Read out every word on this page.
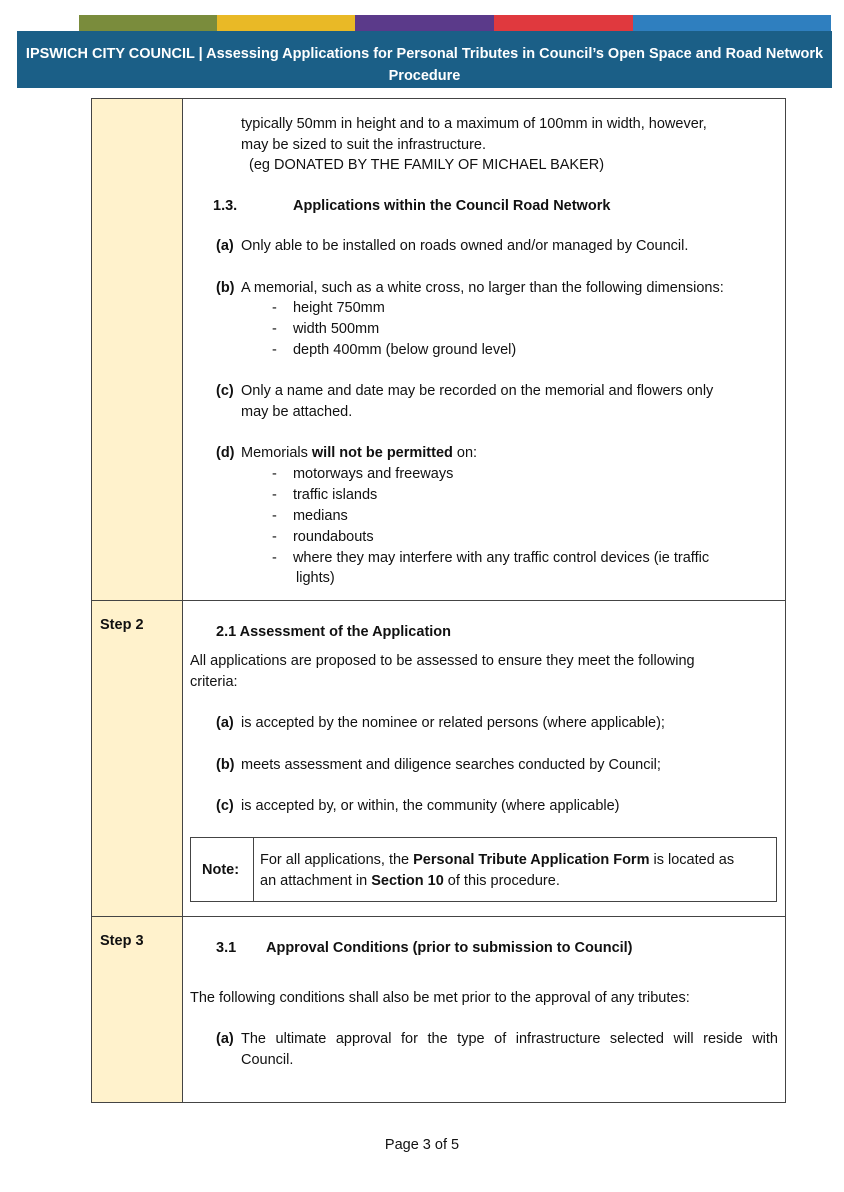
IPSWICH CITY COUNCIL | Assessing Applications for Personal Tributes in Council’s Open Space and Road Network
Procedure
Step 2
Step 3
typically 50mm in height and to a maximum of 100mm in width, however,
may be sized to suit the infrastructure.
(eg DONATED BY THE FAMILY OF MICHAEL BAKER)
1.3.	Applications within the Council Road Network
(a) Only able to be installed on roads owned and/or managed by Council.
(b) A memorial, such as a white cross, no larger than the following dimensions:
-    height 750mm
-    width 500mm
-    depth 400mm (below ground level)
(c) Only a name and date may be recorded on the memorial and flowers only
may be attached.
(d) Memorials will not be permitted on:
-    motorways and freeways
-    traffic islands
-    medians
-    roundabouts
-    where they may interfere with any traffic control devices (ie traffic
lights)
2.1 Assessment of the Application
All applications are proposed to be assessed to ensure they meet the following
criteria:
(a) is accepted by the nominee or related persons (where applicable);
(b) meets assessment and diligence searches conducted by Council;
(c) is accepted by, or within, the community (where applicable)
Note:
For all applications, the Personal Tribute Application Form is located as
an attachment in Section 10 of this procedure.
3.1 Approval Conditions (prior to submission to Council)
The following conditions shall also be met prior to the approval of any tributes:
(a) The ultimate approval for the type of infrastructure selected will reside with
Council.
Page 3 of 5
